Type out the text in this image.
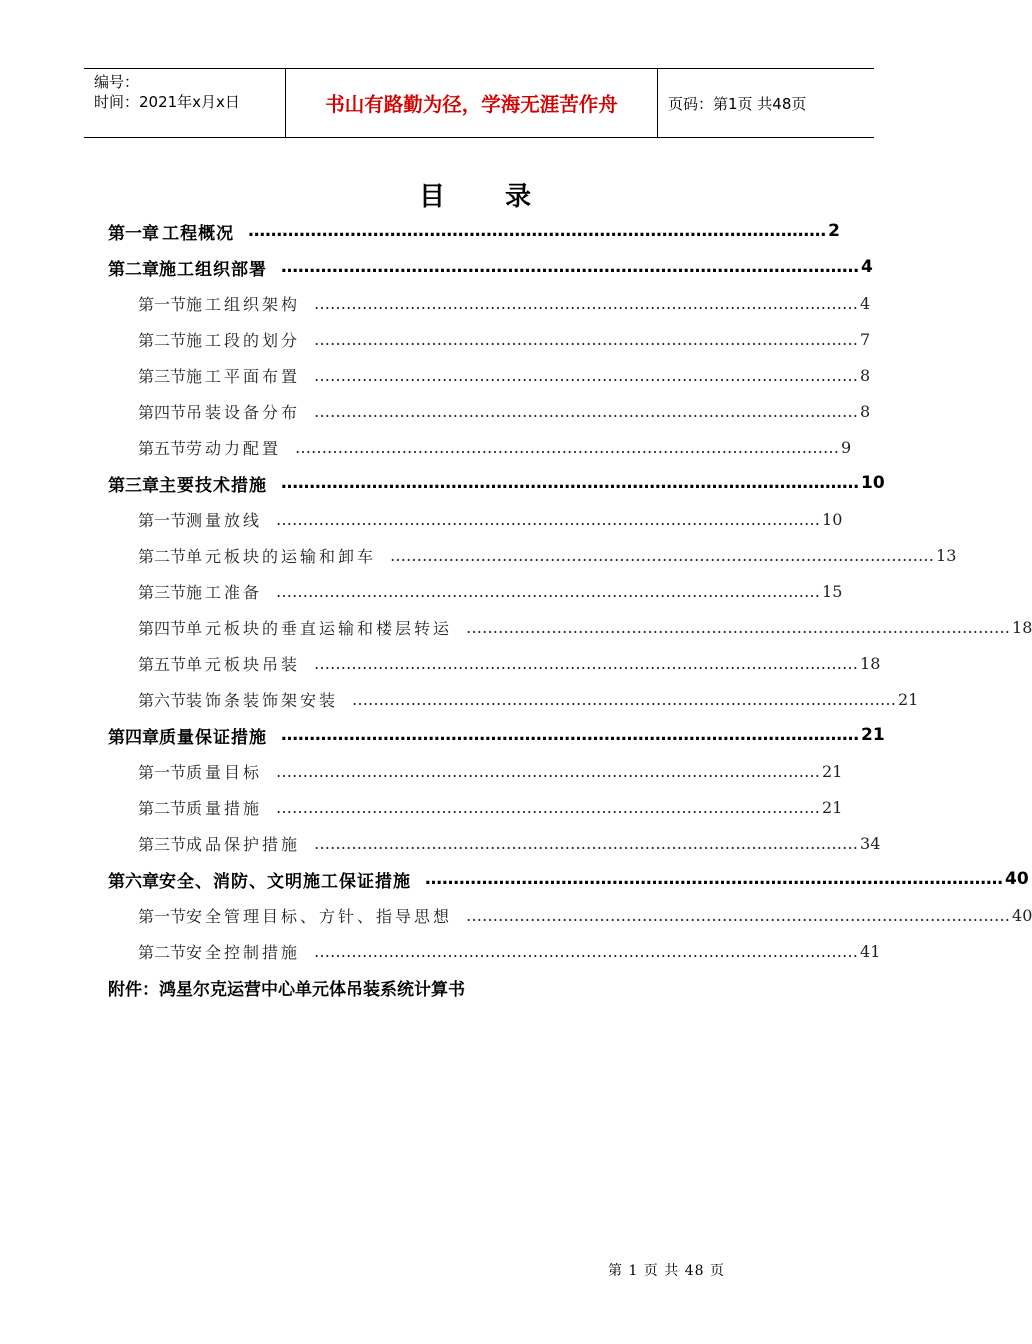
编号：
时间：2021年x月x日	书山有路勤为径，学海无涯苦作舟	页码：第1页 共48页
目录
第一章 工程概况 ………………………………………………………………………………………… 2
第二章 施工组织部署 ………………………………………………………………………………………… 4
第一节 施工组织架构 ………………………………………………………………………………………… 4
第二节 施工段的划分 ………………………………………………………………………………………… 7
第三节 施工平面布置 ………………………………………………………………………………………… 8
第四节 吊装设备分布 ………………………………………………………………………………………… 8
第五节 劳动力配置 ………………………………………………………………………………………… 9
第三章 主要技术措施 ………………………………………………………………………………………… 10
第一节 测量放线 ………………………………………………………………………………………… 10
第二节 单元板块的运输和卸车 ………………………………………………………………………………………… 13
第三节 施工准备 ………………………………………………………………………………………… 15
第四节 单元板块的垂直运输和楼层转运 ………………………………………………………………………………………… 18
第五节 单元板块吊装 ………………………………………………………………………………………… 18
第六节 装饰条装饰架安装 ………………………………………………………………………………………… 21
第四章 质量保证措施 ………………………………………………………………………………………… 21
第一节 质量目标 ………………………………………………………………………………………… 21
第二节 质量措施 ………………………………………………………………………………………… 21
第三节 成品保护措施 ………………………………………………………………………………………… 34
第六章 安全、消防、文明施工保证措施 ………………………………………………………………………………………… 40
第一节 安全管理目标、方针、指导思想 ………………………………………………………………………………………… 40
第二节 安全控制措施 ………………………………………………………………………………………… 41
附件：鸿星尔克运营中心单元体吊装系统计算书
第 1 页 共 48 页
